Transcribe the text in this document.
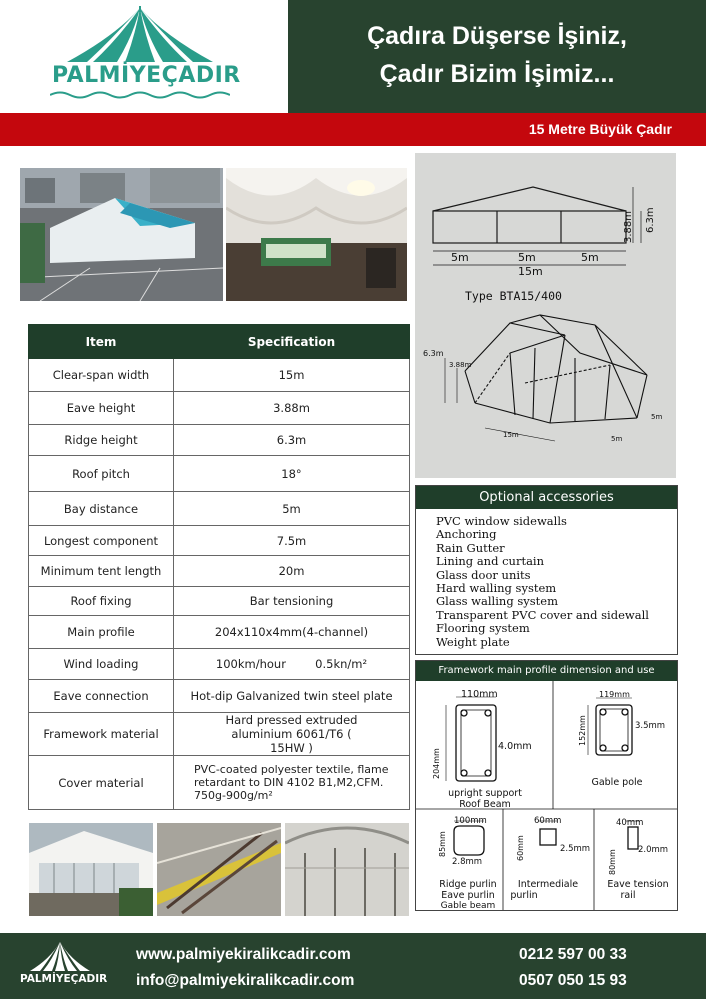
PALMİYEÇADIR
Çadıra Düşerse İşiniz,
Çadır Bizim İşimiz...
15 Metre Büyük Çadır
5m	5m	5m
15m
3.88m 6.3m
Type BTA15/400
6.3m
3.88m
15m	5m
5m
Item	Specification
Clear-span width	15m
Eave height	3.88m
Ridge height	6.3m
Roof pitch	18°
Bay distance	5m
Longest component	7.5m
Minimum tent length	20m
Roof fixing	Bar tensioning
Main profile	204x110x4mm(4-channel)
Wind loading	100km/hour        0.5kn/m²
Eave connection	Hot-dip Galvanized twin steel plate
Framework material	Hard pressed extruded aluminium 6061/T6 ( 15HW )
Cover material	PVC-coated polyester textile, flame retardant to DIN 4102 B1,M2,CFM. 750g-900g/m²
Optional accessories
PVC window sidewalls
Anchoring
Rain Gutter
Lining and curtain
Glass door units
Hard walling system
Glass walling system
Transparent PVC cover and sidewall
Flooring system
Weight plate
Framework main profile dimension and use
110mm
204mm
4.0mm
upright support
Roof Beam
119mm
152mm	3.5mm
Gable pole
100mm
85mm
2.8mm
Ridge purlin
Eave purlin
Gable beam
60mm
60mm	2.5mm
Intermediale
purlin
40mm
80mm 2.0mm
Eave tension
rail
PALMİYEÇADIR
www.palmiyekiralikcadir.com
info@palmiyekiralikcadir.com
0212 597 00 33
0507 050 15 93
